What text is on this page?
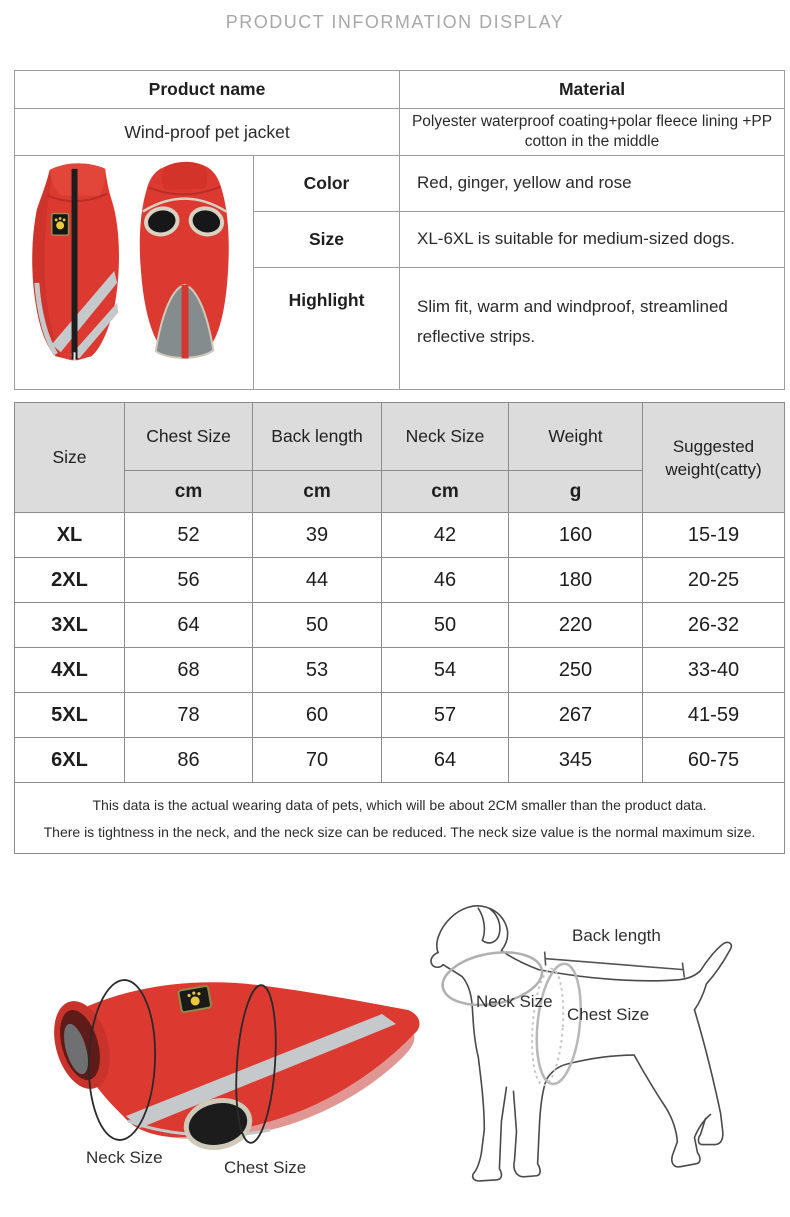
PRODUCT INFORMATION DISPLAY
Product name		Material
Wind-proof pet jacket		Polyester waterproof coating+polar fleece lining +PP cotton in the middle
	Color	Red, ginger, yellow and rose
	Size	XL-6XL is suitable for medium-sized dogs.
	Highlight	Slim fit, warm and windproof, streamlined reflective strips.
Size	Chest Size	Back length	Neck Size	Weight	Suggested weight(catty)
	cm	cm	cm	g	
XL	52	39	42	160	15-19
2XL	56	44	46	180	20-25
3XL	64	50	50	220	26-32
4XL	68	53	54	250	33-40
5XL	78	60	57	267	41-59
6XL	86	70	64	345	60-75

This data is the actual wearing data of pets, which will be about 2CM smaller than the product data.
There is tightness in the neck, and the neck size can be reduced. The neck size value is the normal maximum size.					
Neck Size
Chest Size
Back length
Neck Size
Chest Size
